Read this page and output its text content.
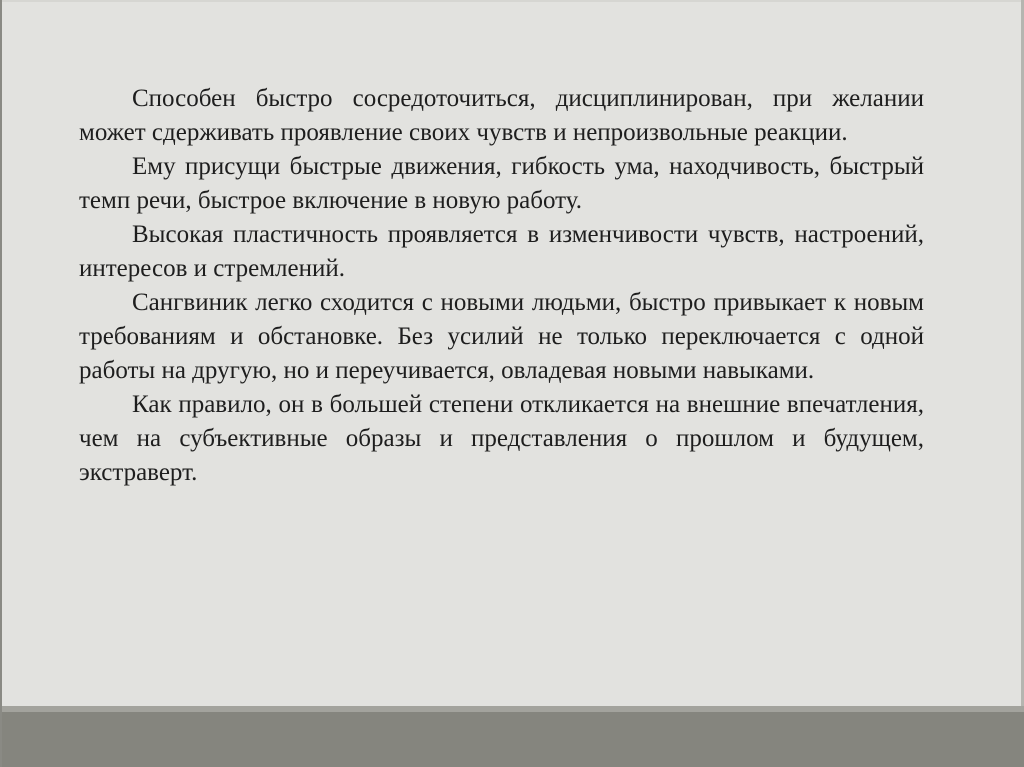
Способен быстро сосредоточиться, дисциплинирован, при желании может сдерживать проявление своих чувств и непроизвольные реакции.

Ему присущи быстрые движения, гибкость ума, находчивость, быстрый темп речи, быстрое включение в новую работу.

Высокая пластичность проявляется в изменчивости чувств, настроений, интересов и стремлений.

Сангвиник легко сходится с новыми людьми, быстро привыкает к новым требованиям и обстановке. Без усилий не только переключается с одной работы на другую, но и переучивается, овладевая новыми навыками.

Как правило, он в большей степени откликается на внешние впечатления, чем на субъективные образы и представления о прошлом и будущем, экстраверт.
